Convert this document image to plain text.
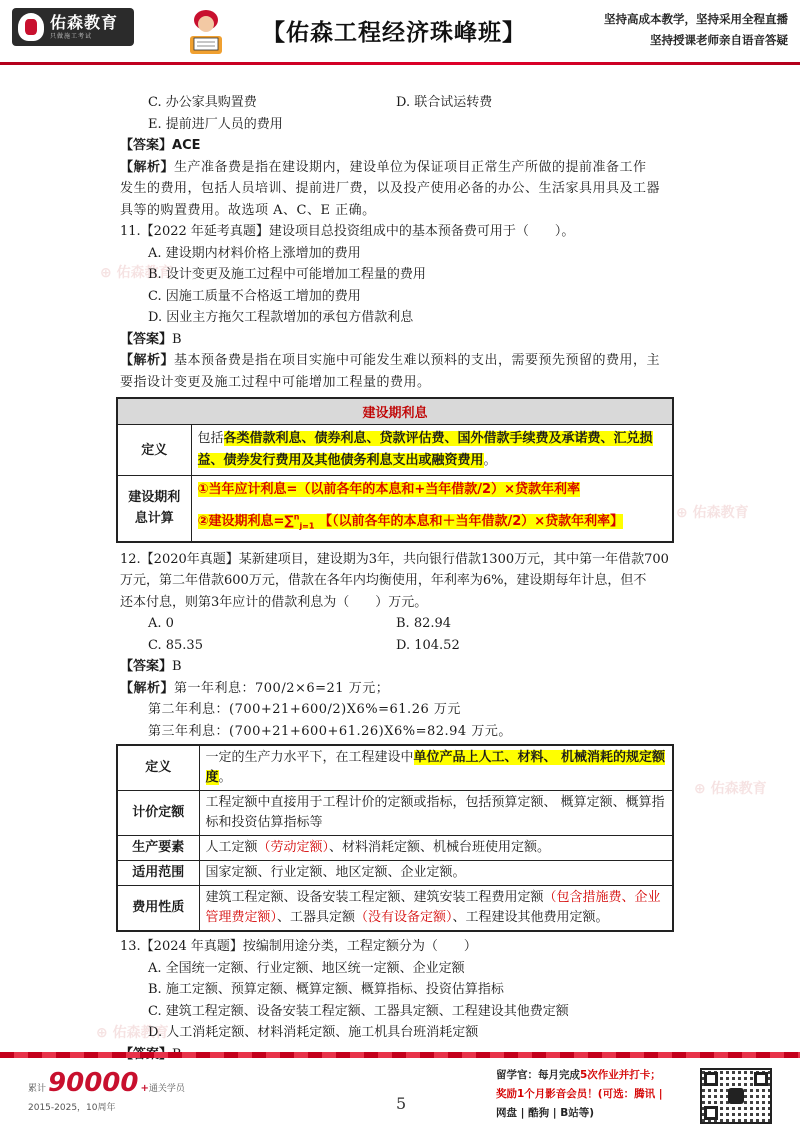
佑森教育
只做施工考试	【佑森工程经济珠峰班】
坚持高成本教学，坚持采用全程直播
坚持授课老师亲自语音答疑
⊕ 佑森教育
⊕ 佑森教育
⊕ 佑森教育
⊕ 佑森教育
C. 办公家具购置费	D. 联合试运转费
E. 提前进厂人员的费用
【答案】ACE
【解析】生产准备费是指在建设期内，建设单位为保证项目正常生产所做的提前准备工作
发生的费用，包括人员培训、提前进厂费，以及投产使用必备的办公、生活家具用具及工器
具等的购置费用。故选项 A、C、E 正确。
11.【2022 年延考真题】建设项目总投资组成中的基本预备费可用于（　　）。
A. 建设期内材料价格上涨增加的费用
B. 设计变更及施工过程中可能增加工程量的费用
C. 因施工质量不合格返工增加的费用
D. 因业主方拖欠工程款增加的承包方借款利息
【答案】B
【解析】基本预备费是指在项目实施中可能发生难以预料的支出，需要预先预留的费用，主
要指设计变更及施工过程中可能增加工程量的费用。
建设期利息	
定义	包括各类借款利息、债券利息、贷款评估费、国外借款手续费及承诺费、汇兑损益、债券发行费用及其他债务利息支出或融资费用。
建设期利息计算	①当年应计利息=（以前各年的本息和+当年借款/2）×贷款年利率
②建设期利息=∑$^n_{j=1}$ 【（以前各年的本息和＋当年借款/2）×贷款年利率】
12.【2020年真题】某新建项目，建设期为3年，共向银行借款1300万元，其中第一年借款700
万元，第二年借款600万元，借款在各年内均衡使用，年利率为6%，建设期每年计息，但不
还本付息，则第3年应计的借款利息为（　　）万元。
A. 0	B. 82.94
C. 85.35	D. 104.52
【答案】B
【解析】第一年利息：700/2×6=21 万元；
第二年利息：(700+21+600/2)X6%=61.26 万元
第三年利息：(700+21+600+61.26)X6%=82.94 万元。
定义	一定的生产力水平下，在工程建设中单位产品上人工、材料、 机械消耗的规定额度。
计价定额	工程定额中直接用于工程计价的定额或指标，包括预算定额、 概算定额、概算指标和投资估算指标等
生产要素	人工定额（劳动定额）、材料消耗定额、机械台班使用定额。
适用范围	国家定额、行业定额、地区定额、企业定额。
费用性质	建筑工程定额、设备安装工程定额、建筑安装工程费用定额（包含措施费、企业管理费定额）、工器具定额（没有设备定额）、工程建设其他费用定额。
13.【2024 年真题】按编制用途分类，工程定额分为（　　）
A. 全国统一定额、行业定额、地区统一定额、企业定额
B. 施工定额、预算定额、概算定额、概算指标、投资估算指标
C. 建筑工程定额、设备安装工程定额、工器具定额、工程建设其他费定额
D. 人工消耗定额、材料消耗定额、施工机具台班消耗定额
累计 90000 + 通关学员
2015-2025，10周年	5
留学官：每月完成5次作业并打卡；
奖励1个月影音会员！(可选：腾讯 |
网盘 | 酷狗 | B站等)
